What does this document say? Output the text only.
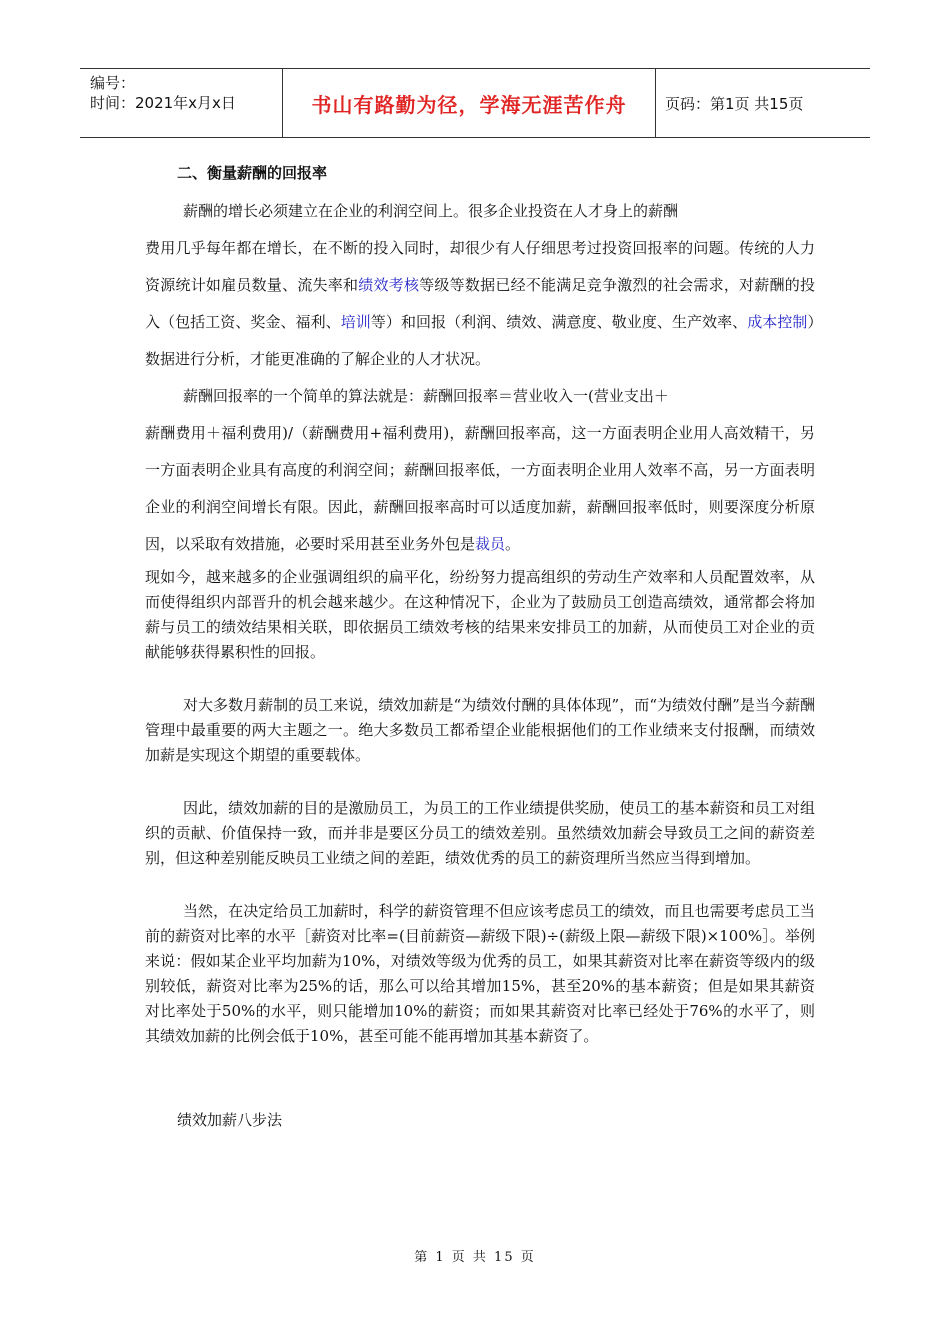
编号：
时间：2021年x月x日	书山有路勤为径，学海无涯苦作舟	页码：第1页 共15页
二、衡量薪酬的回报率

薪酬的增长必须建立在企业的利润空间上。很多企业投资在人才身上的薪酬
费用几乎每年都在增长，在不断的投入同时，却很少有人仔细思考过投资回报率的问题。传统的人力资源统计如雇员数量、流失率和绩效考核等级等数据已经不能满足竞争激烈的社会需求，对薪酬的投入（包括工资、奖金、福利、培训等）和回报（利润、绩效、满意度、敬业度、生产效率、成本控制）数据进行分析，才能更准确的了解企业的人才状况。

薪酬回报率的一个简单的算法就是：薪酬回报率＝营业收入一(营业支出＋
薪酬费用＋福利费用)/（薪酬费用+福利费用)，薪酬回报率高，这一方面表明企业用人高效精干，另一方面表明企业具有高度的利润空间；薪酬回报率低，一方面表明企业用人效率不高，另一方面表明企业的利润空间增长有限。因此，薪酬回报率高时可以适度加薪，薪酬回报率低时，则要深度分析原因，以采取有效措施，必要时采用甚至业务外包是裁员。

现如今，越来越多的企业强调组织的扁平化，纷纷努力提高组织的劳动生产效率和人员配置效率，从而使得组织内部晋升的机会越来越少。在这种情况下，企业为了鼓励员工创造高绩效，通常都会将加薪与员工的绩效结果相关联，即依据员工绩效考核的结果来安排员工的加薪，从而使员工对企业的贡献能够获得累积性的回报。

对大多数月薪制的员工来说，绩效加薪是“为绩效付酬的具体体现”，而“为绩效付酬”是当今薪酬管理中最重要的两大主题之一。绝大多数员工都希望企业能根据他们的工作业绩来支付报酬，而绩效加薪是实现这个期望的重要载体。

因此，绩效加薪的目的是激励员工，为员工的工作业绩提供奖励，使员工的基本薪资和员工对组织的贡献、价值保持一致，而并非是要区分员工的绩效差别。虽然绩效加薪会导致员工之间的薪资差别，但这种差别能反映员工业绩之间的差距，绩效优秀的员工的薪资理所当然应当得到增加。

当然，在决定给员工加薪时，科学的薪资管理不但应该考虑员工的绩效，而且也需要考虑员工当前的薪资对比率的水平［薪资对比率=(目前薪资—薪级下限)÷(薪级上限—薪级下限)×100%］。举例来说：假如某企业平均加薪为10%，对绩效等级为优秀的员工，如果其薪资对比率在薪资等级内的级别较低，薪资对比率为25%的话，那么可以给其增加15%，甚至20%的基本薪资；但是如果其薪资对比率处于50%的水平，则只能增加10%的薪资；而如果其薪资对比率已经处于76%的水平了，则其绩效加薪的比例会低于10%，甚至可能不能再增加其基本薪资了。

绩效加薪八步法
第 1 页 共 15 页
